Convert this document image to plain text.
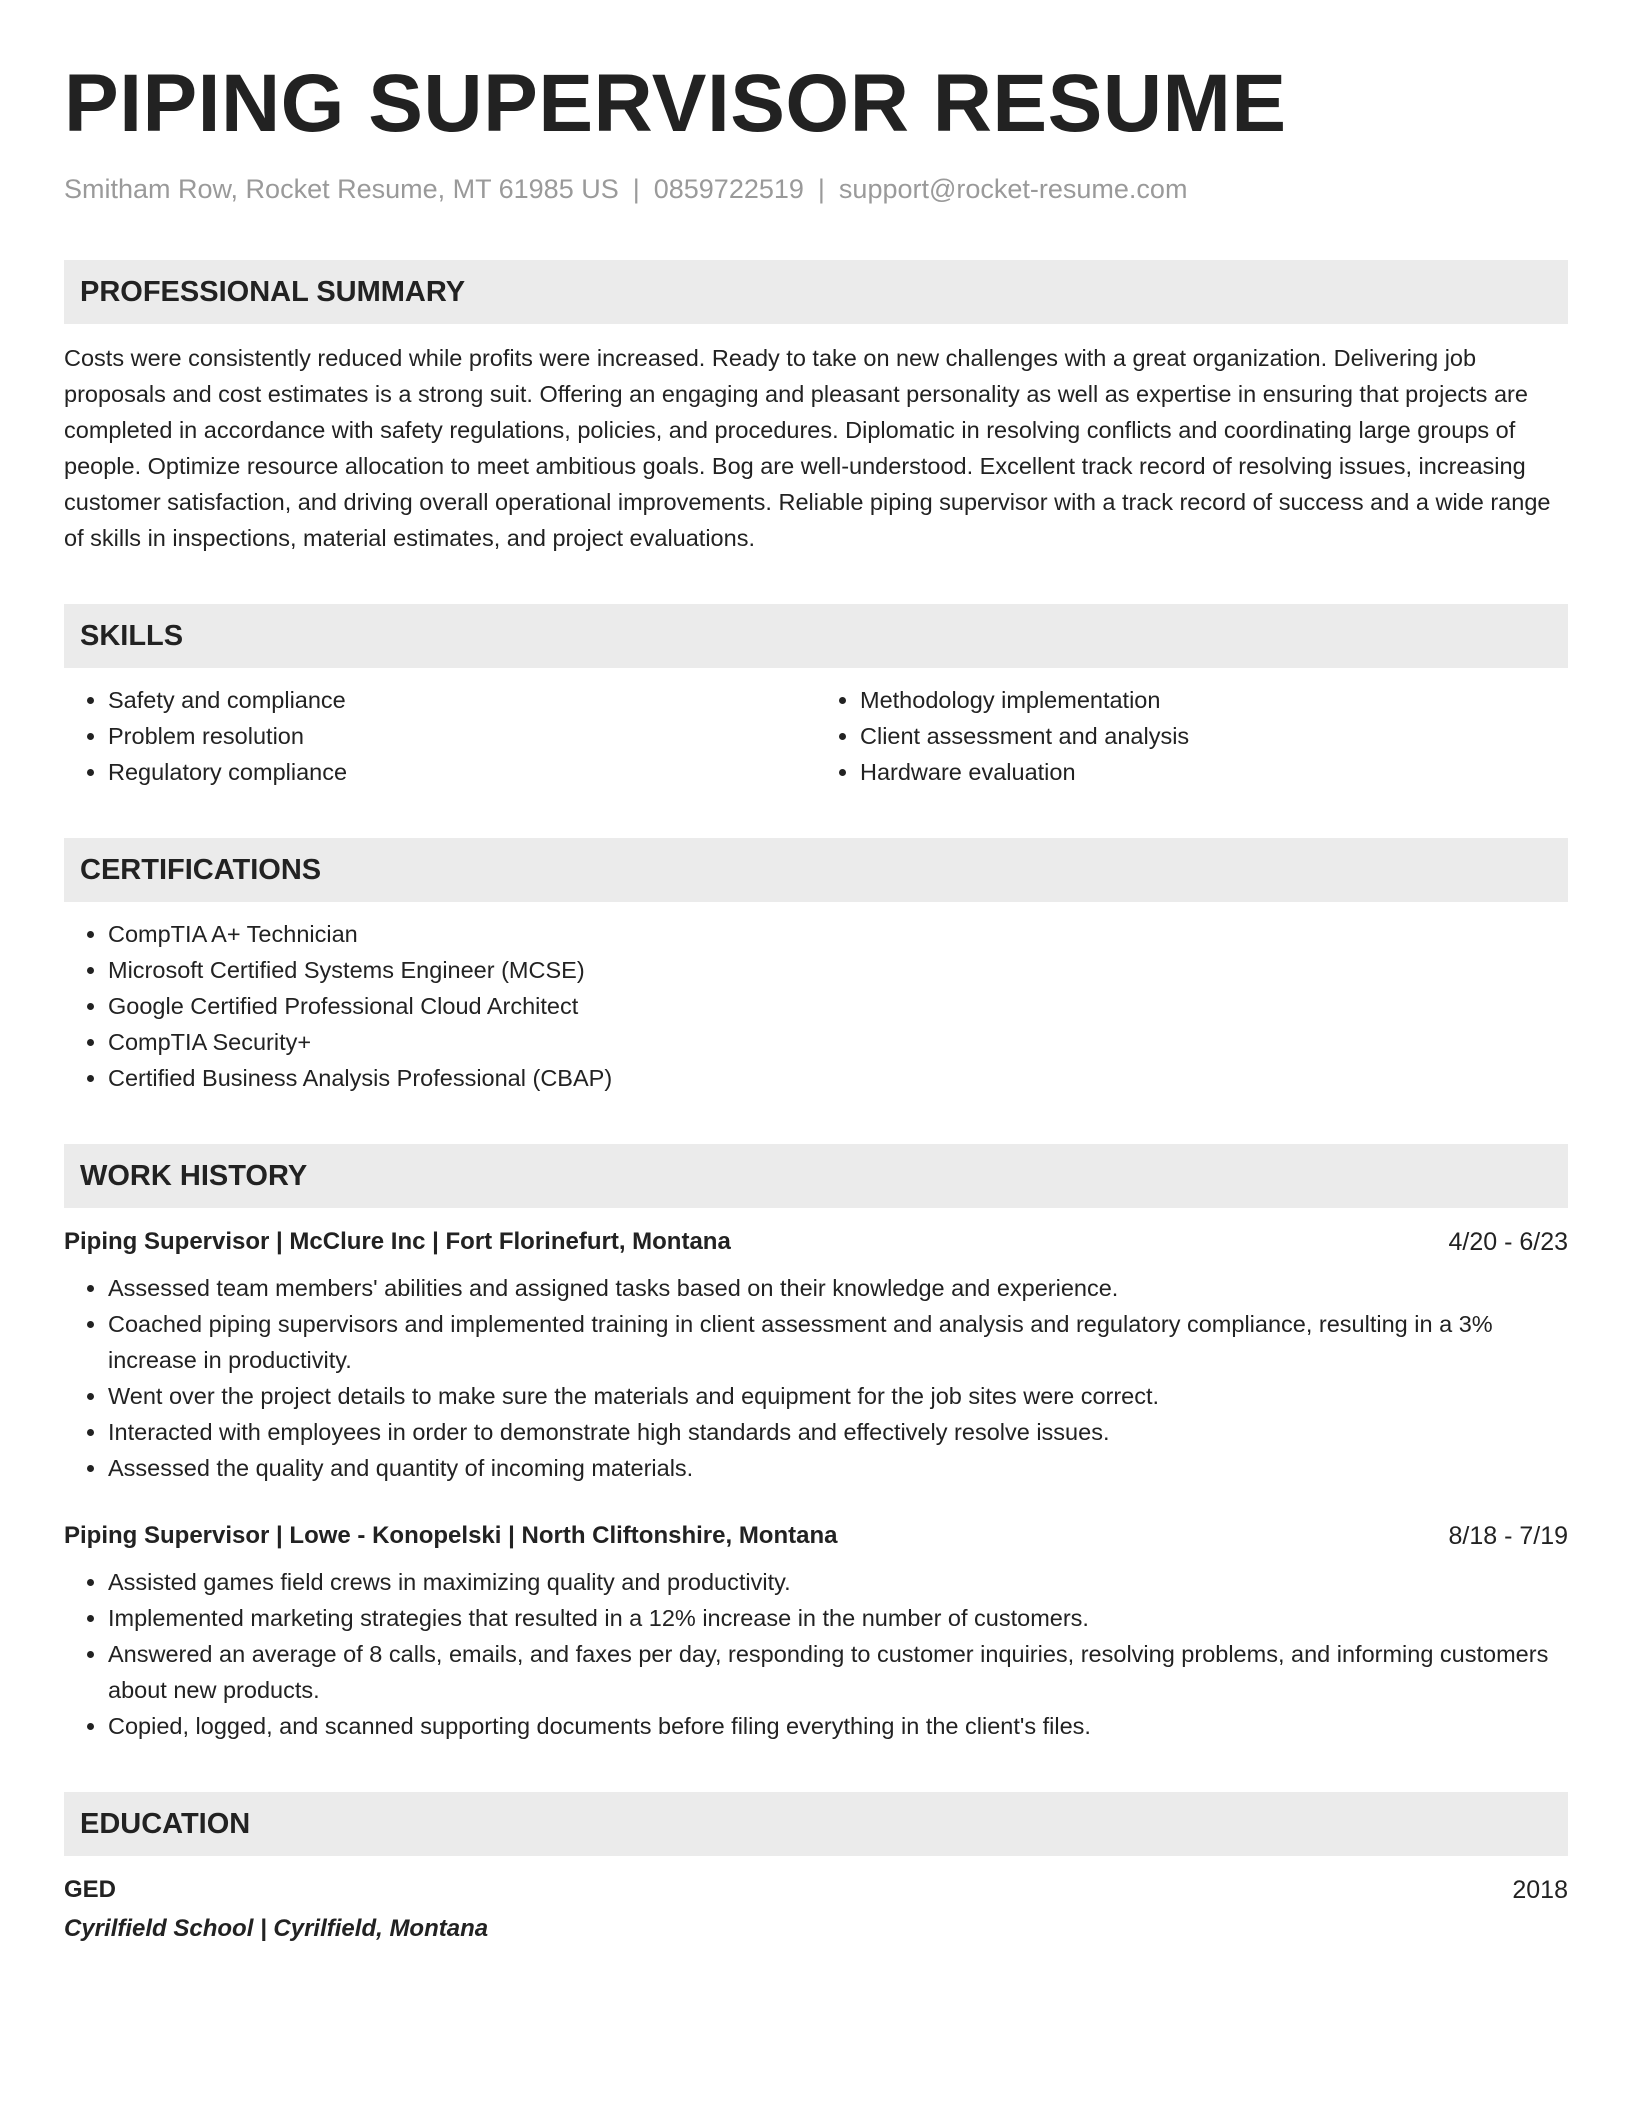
PIPING SUPERVISOR RESUME
Smitham Row, Rocket Resume, MT 61985 US | 0859722519 | support@rocket-resume.com
PROFESSIONAL SUMMARY
Costs were consistently reduced while profits were increased. Ready to take on new challenges with a great organization. Delivering job proposals and cost estimates is a strong suit. Offering an engaging and pleasant personality as well as expertise in ensuring that projects are completed in accordance with safety regulations, policies, and procedures. Diplomatic in resolving conflicts and coordinating large groups of people. Optimize resource allocation to meet ambitious goals. Bog are well-understood. Excellent track record of resolving issues, increasing customer satisfaction, and driving overall operational improvements. Reliable piping supervisor with a track record of success and a wide range of skills in inspections, material estimates, and project evaluations.
SKILLS
• Safety and compliance
• Problem resolution
• Regulatory compliance
• Methodology implementation
• Client assessment and analysis
• Hardware evaluation
CERTIFICATIONS
• CompTIA A+ Technician
• Microsoft Certified Systems Engineer (MCSE)
• Google Certified Professional Cloud Architect
• CompTIA Security+
• Certified Business Analysis Professional (CBAP)
WORK HISTORY
Piping Supervisor | McClure Inc | Fort Florinefurt, Montana	4/20 - 6/23
• Assessed team members' abilities and assigned tasks based on their knowledge and experience.
• Coached piping supervisors and implemented training in client assessment and analysis and regulatory compliance, resulting in a 3% increase in productivity.
• Went over the project details to make sure the materials and equipment for the job sites were correct.
• Interacted with employees in order to demonstrate high standards and effectively resolve issues.
• Assessed the quality and quantity of incoming materials.
Piping Supervisor | Lowe - Konopelski | North Cliftonshire, Montana	8/18 - 7/19
• Assisted games field crews in maximizing quality and productivity.
• Implemented marketing strategies that resulted in a 12% increase in the number of customers.
• Answered an average of 8 calls, emails, and faxes per day, responding to customer inquiries, resolving problems, and informing customers about new products.
• Copied, logged, and scanned supporting documents before filing everything in the client's files.
EDUCATION
GED	2018
Cyrilfield School | Cyrilfield, Montana
